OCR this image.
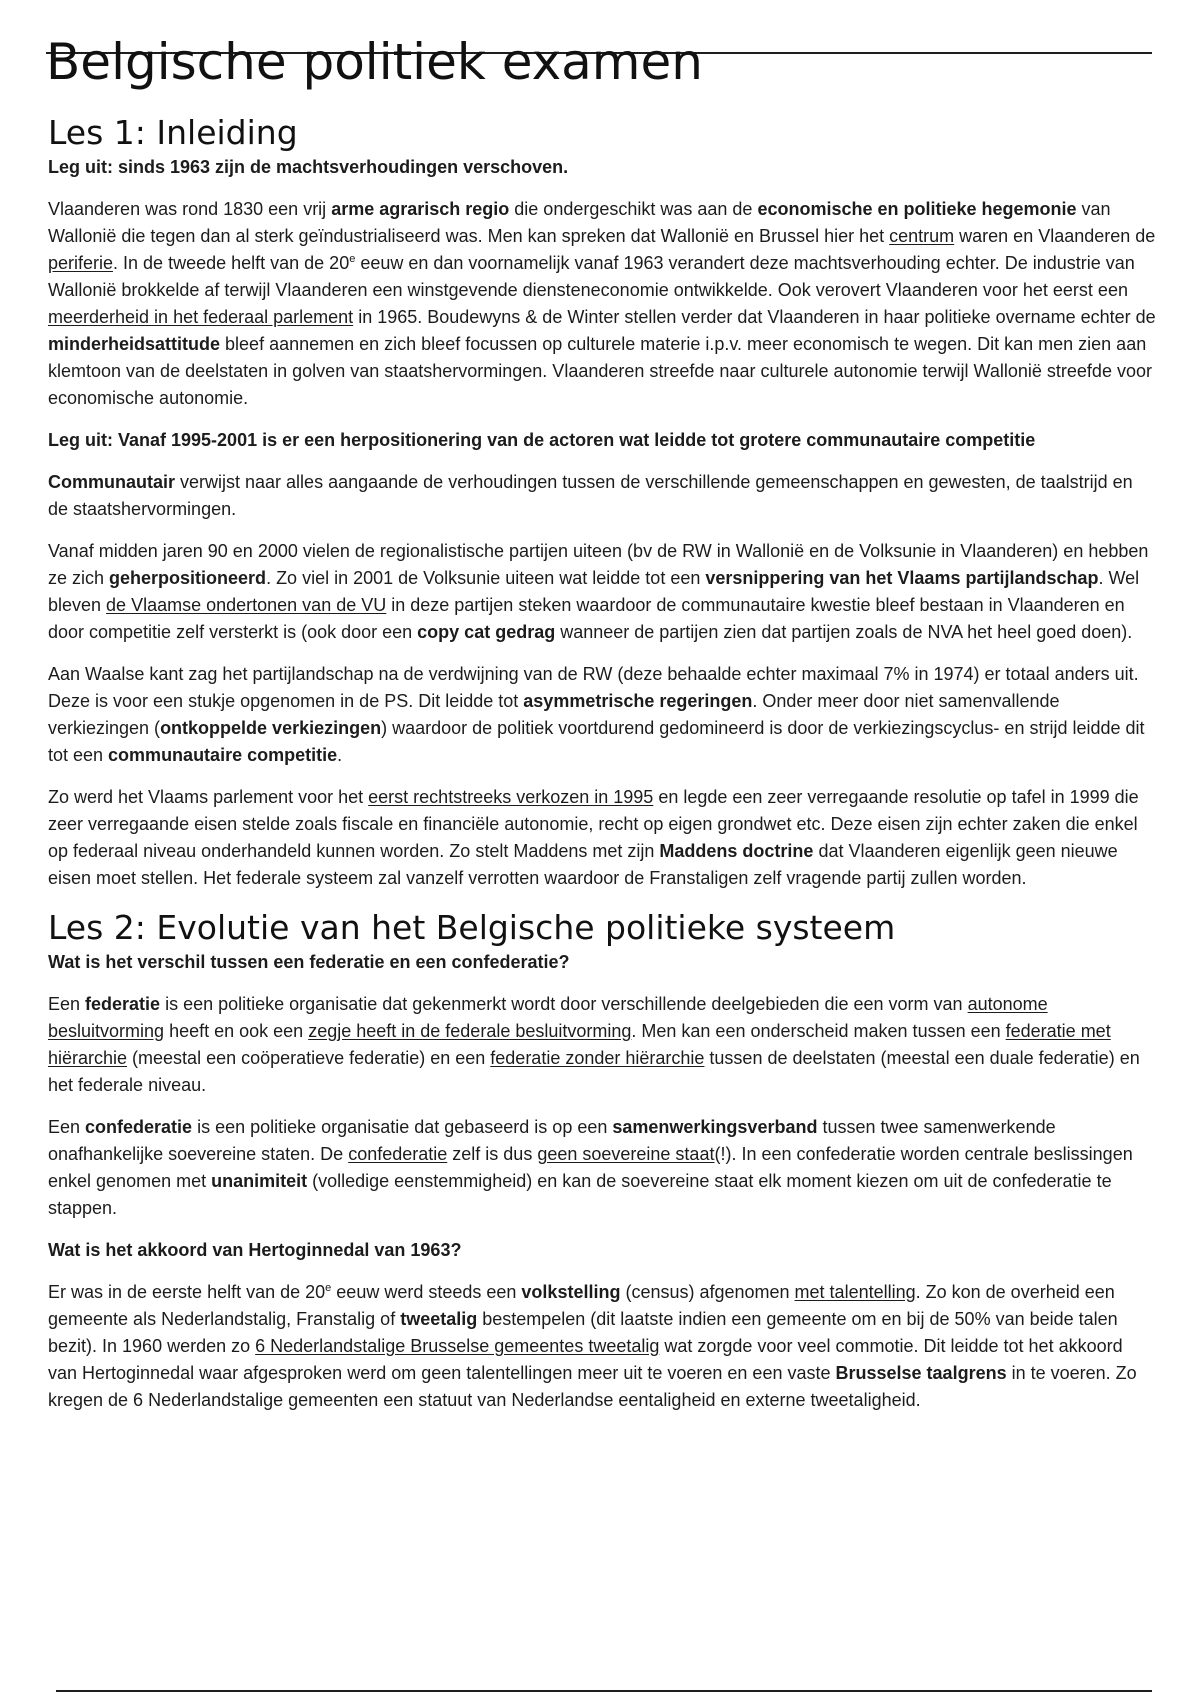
Belgische politiek examen
Les 1: Inleiding

Leg uit: sinds 1963 zijn de machtsverhoudingen verschoven.

Vlaanderen was rond 1830 een vrij arme agrarisch regio die ondergeschikt was aan de economische en politieke hegemonie van Wallonië die tegen dan al sterk geïndustrialiseerd was. Men kan spreken dat Wallonië en Brussel hier het centrum waren en Vlaanderen de periferie. In de tweede helft van de 20e eeuw en dan voornamelijk vanaf 1963 verandert deze machtsverhouding echter. De industrie van Wallonië brokkelde af terwijl Vlaanderen een winstgevende diensteneconomie ontwikkelde. Ook verovert Vlaanderen voor het eerst een meerderheid in het federaal parlement in 1965. Boudewyns & de Winter stellen verder dat Vlaanderen in haar politieke overname echter de minderheidsattitude bleef aannemen en zich bleef focussen op culturele materie i.p.v. meer economisch te wegen. Dit kan men zien aan klemtoon van de deelstaten in golven van staatshervormingen. Vlaanderen streefde naar culturele autonomie terwijl Wallonië streefde voor economische autonomie.

Leg uit: Vanaf 1995-2001 is er een herpositionering van de actoren wat leidde tot grotere communautaire competitie

Communautair verwijst naar alles aangaande de verhoudingen tussen de verschillende gemeenschappen en gewesten, de taalstrijd en de staatshervormingen.

Vanaf midden jaren 90 en 2000 vielen de regionalistische partijen uiteen (bv de RW in Wallonië en de Volksunie in Vlaanderen) en hebben ze zich geherpositioneerd. Zo viel in 2001 de Volksunie uiteen wat leidde tot een versnippering van het Vlaams partijlandschap. Wel bleven de Vlaamse ondertonen van de VU in deze partijen steken waardoor de communautaire kwestie bleef bestaan in Vlaanderen en door competitie zelf versterkt is (ook door een copy cat gedrag wanneer de partijen zien dat partijen zoals de NVA het heel goed doen).

Aan Waalse kant zag het partijlandschap na de verdwijning van de RW (deze behaalde echter maximaal 7% in 1974) er totaal anders uit. Deze is voor een stukje opgenomen in de PS. Dit leidde tot asymmetrische regeringen. Onder meer door niet samenvallende verkiezingen (ontkoppelde verkiezingen) waardoor de politiek voortdurend gedomineerd is door de verkiezingscyclus- en strijd leidde dit tot een communautaire competitie.

Zo werd het Vlaams parlement voor het eerst rechtstreeks verkozen in 1995 en legde een zeer verregaande resolutie op tafel in 1999 die zeer verregaande eisen stelde zoals fiscale en financiële autonomie, recht op eigen grondwet etc. Deze eisen zijn echter zaken die enkel op federaal niveau onderhandeld kunnen worden. Zo stelt Maddens met zijn Maddens doctrine dat Vlaanderen eigenlijk geen nieuwe eisen moet stellen. Het federale systeem zal vanzelf verrotten waardoor de Franstaligen zelf vragende partij zullen worden.

Les 2: Evolutie van het Belgische politieke systeem

Wat is het verschil tussen een federatie en een confederatie?

Een federatie is een politieke organisatie dat gekenmerkt wordt door verschillende deelgebieden die een vorm van autonome besluitvorming heeft en ook een zegje heeft in de federale besluitvorming. Men kan een onderscheid maken tussen een federatie met hiërarchie (meestal een coöperatieve federatie) en een federatie zonder hiërarchie tussen de deelstaten (meestal een duale federatie) en het federale niveau.

Een confederatie is een politieke organisatie dat gebaseerd is op een samenwerkingsverband tussen twee samenwerkende onafhankelijke soevereine staten. De confederatie zelf is dus geen soevereine staat(!). In een confederatie worden centrale beslissingen enkel genomen met unanimiteit (volledige eenstemmigheid) en kan de soevereine staat elk moment kiezen om uit de confederatie te stappen.

Wat is het akkoord van Hertoginnedal van 1963?

Er was in de eerste helft van de 20e eeuw werd steeds een volkstelling (census) afgenomen met talentelling. Zo kon de overheid een gemeente als Nederlandstalig, Franstalig of tweetalig bestempelen (dit laatste indien een gemeente om en bij de 50% van beide talen bezit). In 1960 werden zo 6 Nederlandstalige Brusselse gemeentes tweetalig wat zorgde voor veel commotie. Dit leidde tot het akkoord van Hertoginnedal waar afgesproken werd om geen talentellingen meer uit te voeren en een vaste Brusselse taalgrens in te voeren. Zo kregen de 6 Nederlandstalige gemeenten een statuut van Nederlandse eentaligheid en externe tweetaligheid.
